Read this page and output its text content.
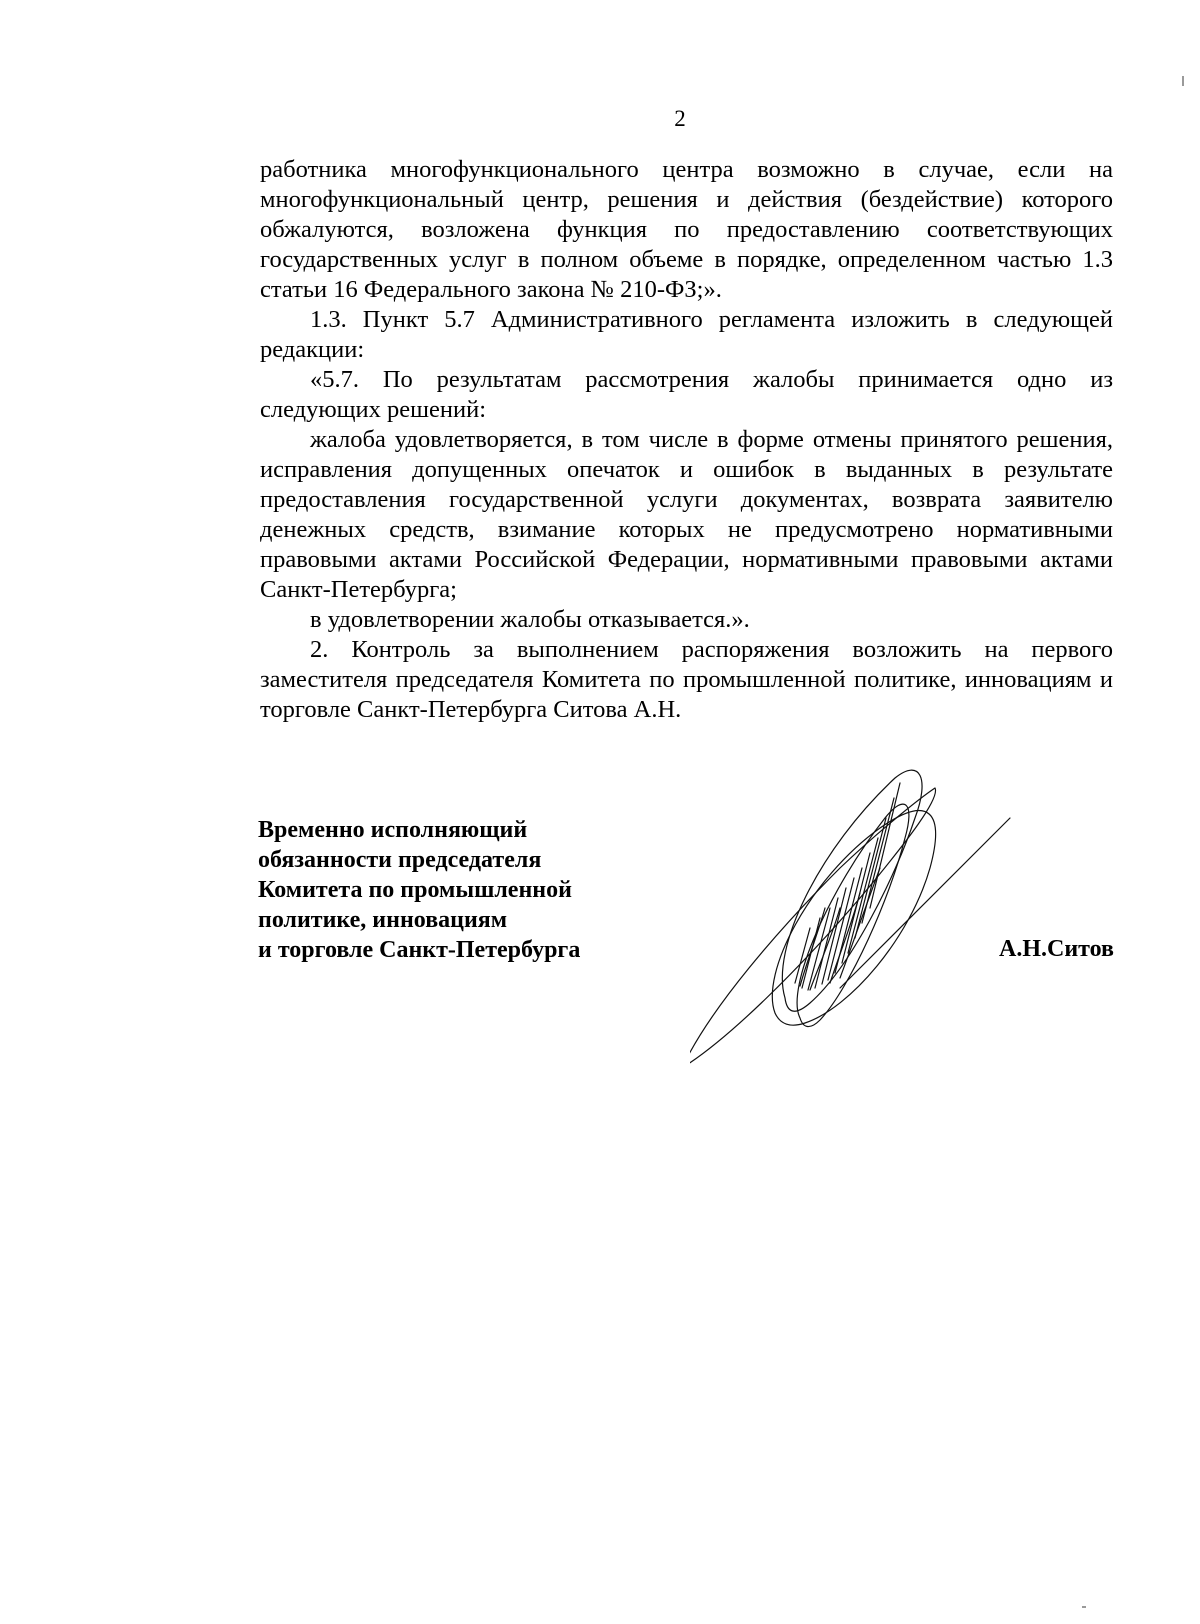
2

работника многофункционального центра возможно в случае, если на многофункциональный центр, решения и действия (бездействие) которого обжалуются, возложена функция по предоставлению соответствующих государственных услуг в полном объеме в порядке, определенном частью 1.3 статьи 16 Федерального закона № 210-ФЗ;».

1.3. Пункт 5.7 Административного регламента изложить в следующей редакции:

«5.7. По результатам рассмотрения жалобы принимается одно из следующих решений:

жалоба удовлетворяется, в том числе в форме отмены принятого решения, исправления допущенных опечаток и ошибок в выданных в результате предоставления государственной услуги документах, возврата заявителю денежных средств, взимание которых не предусмотрено нормативными правовыми актами Российской Федерации, нормативными правовыми актами Санкт-Петербурга;

в удовлетворении жалобы отказывается.».

2. Контроль за выполнением распоряжения возложить на первого заместителя председателя Комитета по промышленной политике, инновациям и торговле Санкт-Петербурга Ситова А.Н.

Временно исполняющий
обязанности председателя
Комитета по промышленной
политике, инновациям
и торговле Санкт-Петербурга	А.Н.Ситов
